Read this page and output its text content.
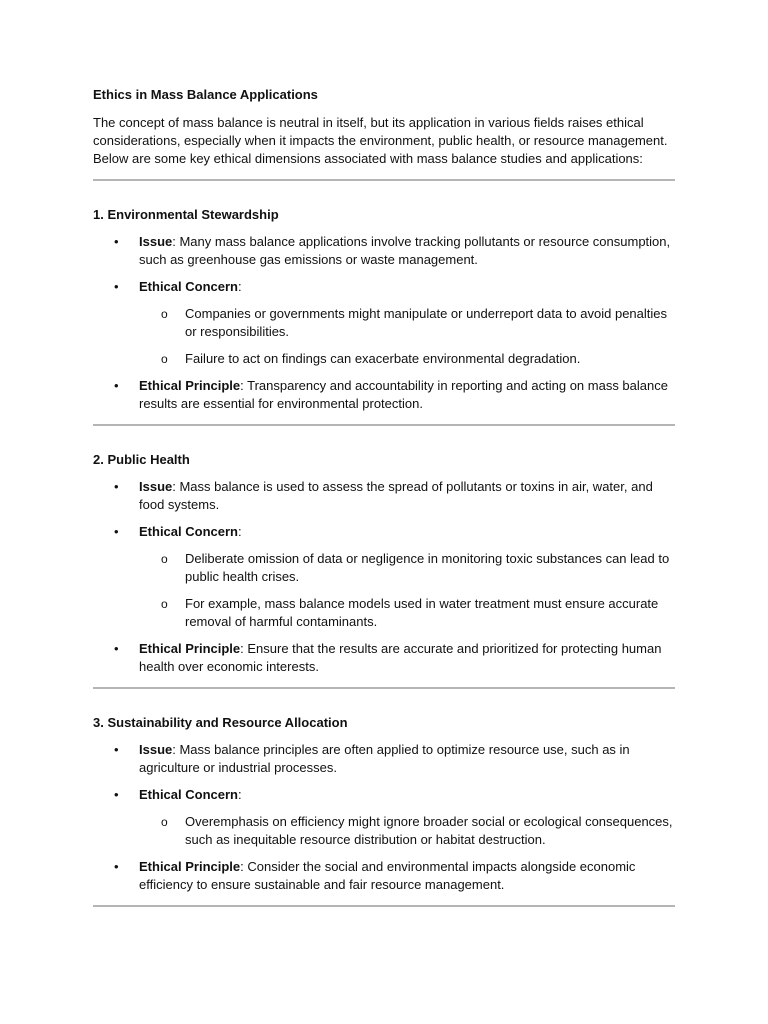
Ethics in Mass Balance Applications

The concept of mass balance is neutral in itself, but its application in various fields raises ethical considerations, especially when it impacts the environment, public health, or resource management. Below are some key ethical dimensions associated with mass balance studies and applications:

1. Environmental Stewardship

• Issue: Many mass balance applications involve tracking pollutants or resource consumption, such as greenhouse gas emissions or waste management.
• Ethical Concern:
o Companies or governments might manipulate or underreport data to avoid penalties or responsibilities.
o Failure to act on findings can exacerbate environmental degradation.
• Ethical Principle: Transparency and accountability in reporting and acting on mass balance results are essential for environmental protection.

2. Public Health

• Issue: Mass balance is used to assess the spread of pollutants or toxins in air, water, and food systems.
• Ethical Concern:
o Deliberate omission of data or negligence in monitoring toxic substances can lead to public health crises.
o For example, mass balance models used in water treatment must ensure accurate removal of harmful contaminants.
• Ethical Principle: Ensure that the results are accurate and prioritized for protecting human health over economic interests.

3. Sustainability and Resource Allocation

• Issue: Mass balance principles are often applied to optimize resource use, such as in agriculture or industrial processes.
• Ethical Concern:
o Overemphasis on efficiency might ignore broader social or ecological consequences, such as inequitable resource distribution or habitat destruction.
• Ethical Principle: Consider the social and environmental impacts alongside economic efficiency to ensure sustainable and fair resource management.
